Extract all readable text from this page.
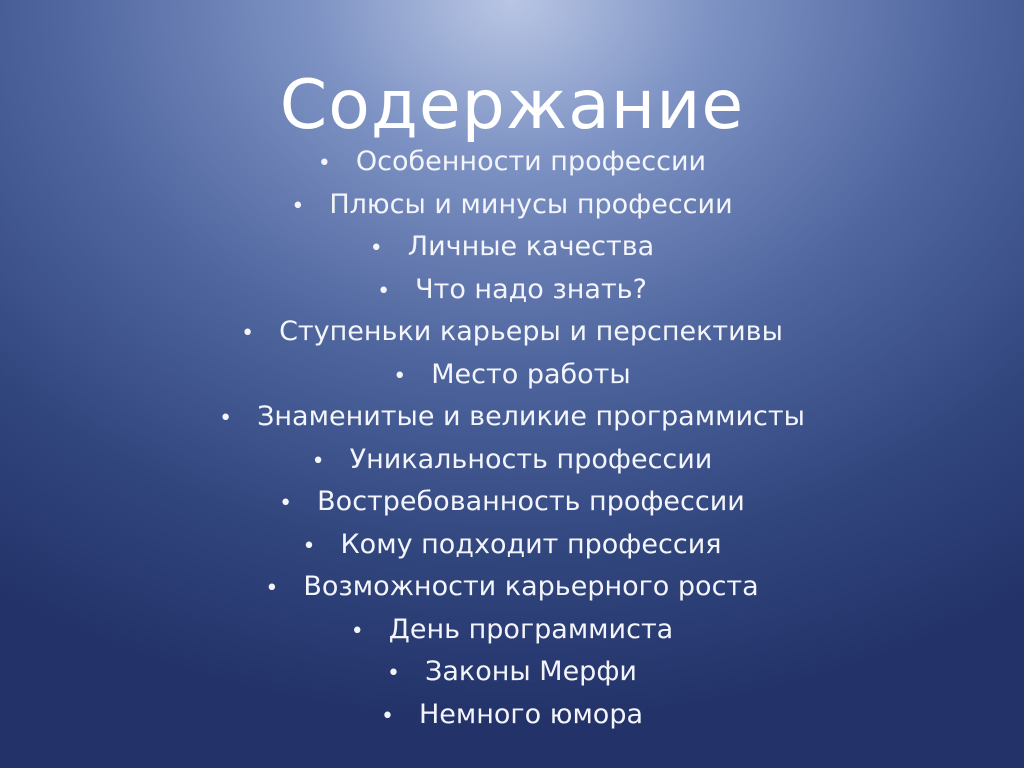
Содержание
• Особенности профессии
• Плюсы и минусы профессии
• Личные качества
• Что надо знать?
• Ступеньки карьеры и перспективы
• Место работы
• Знаменитые и великие программисты
• Уникальность профессии
• Востребованность профессии
• Кому подходит профессия
• Возможности карьерного роста
• День программиста
• Законы Мерфи
• Немного юмора
